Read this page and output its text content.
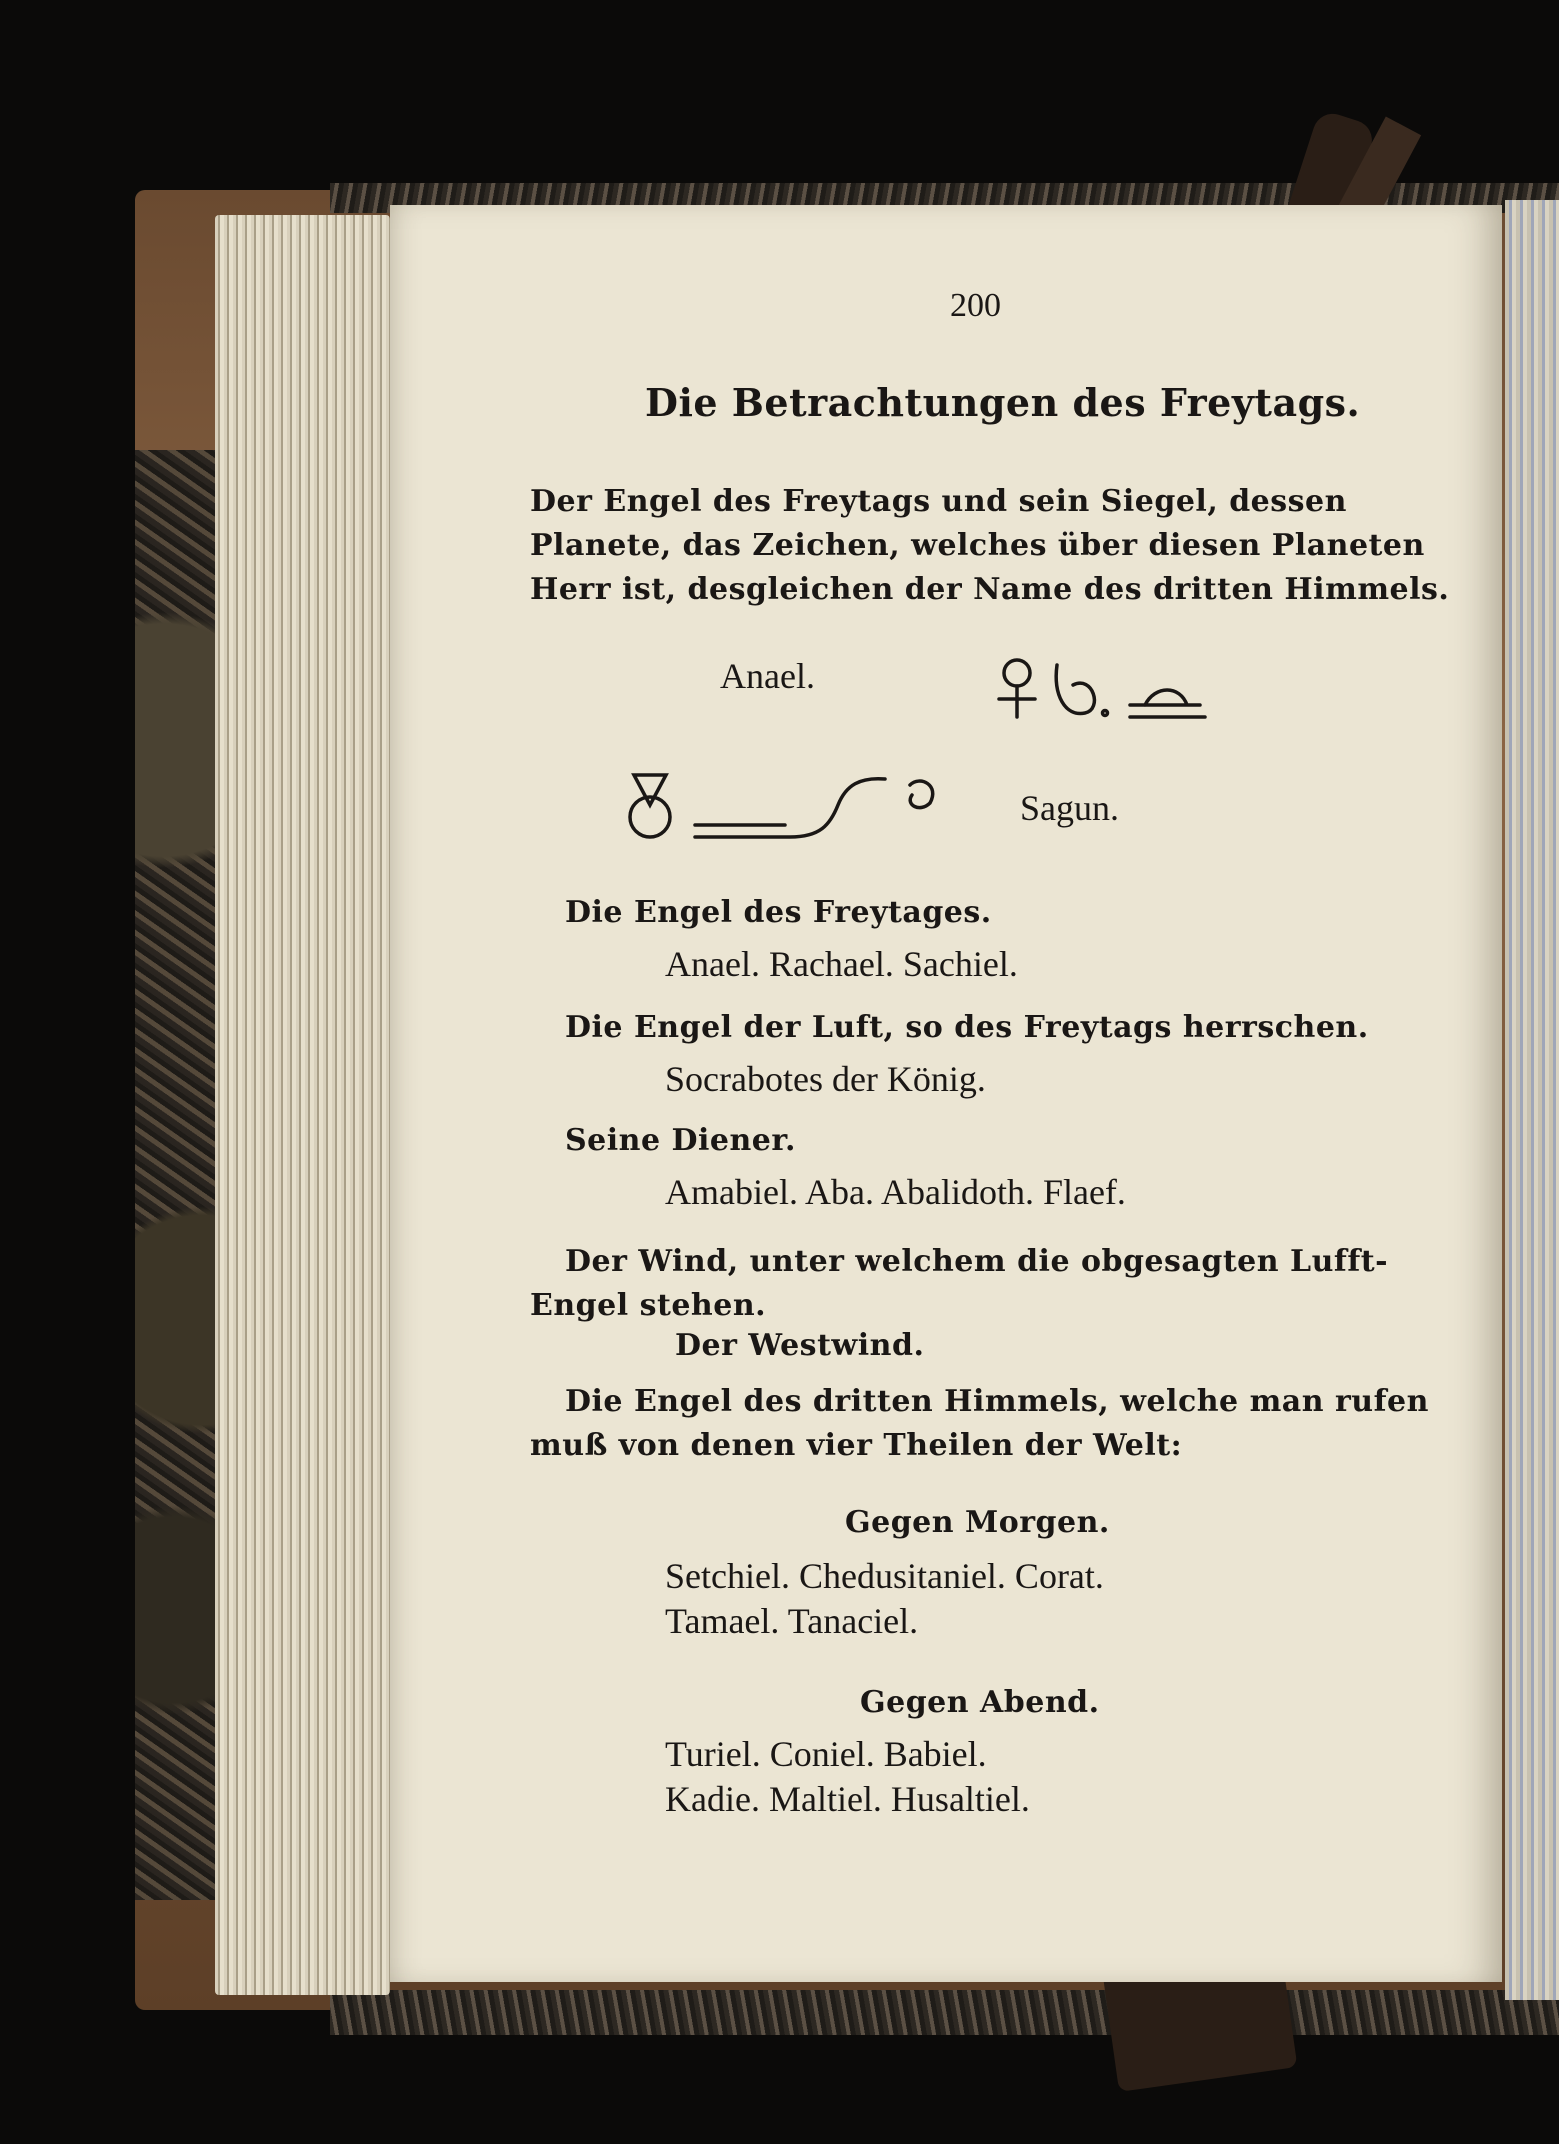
200

Die Betrachtungen des Freytags.

Der Engel des Freytags und sein Siegel, dessen Planete, das Zeichen, welches über diesen Planeten Herr ist, desgleichen der Name des dritten Himmels.

Anael.

Sagun.

Die Engel des Freytages.

Anael. Rachael. Sachiel.

Die Engel der Luft, so des Freytags herrschen.

Socrabotes der König.

Seine Diener.

Amabiel. Aba. Abalidoth. Flaef.

Der Wind, unter welchem die obgesagten Lufft-Engel stehen.

Der Westwind.

Die Engel des dritten Himmels, welche man rufen muß von denen vier Theilen der Welt:

Gegen Morgen.

Setchiel. Chedusitaniel. Corat.

Tamael. Tanaciel.

Gegen Abend.

Turiel. Coniel. Babiel.

Kadie. Maltiel. Husaltiel.
